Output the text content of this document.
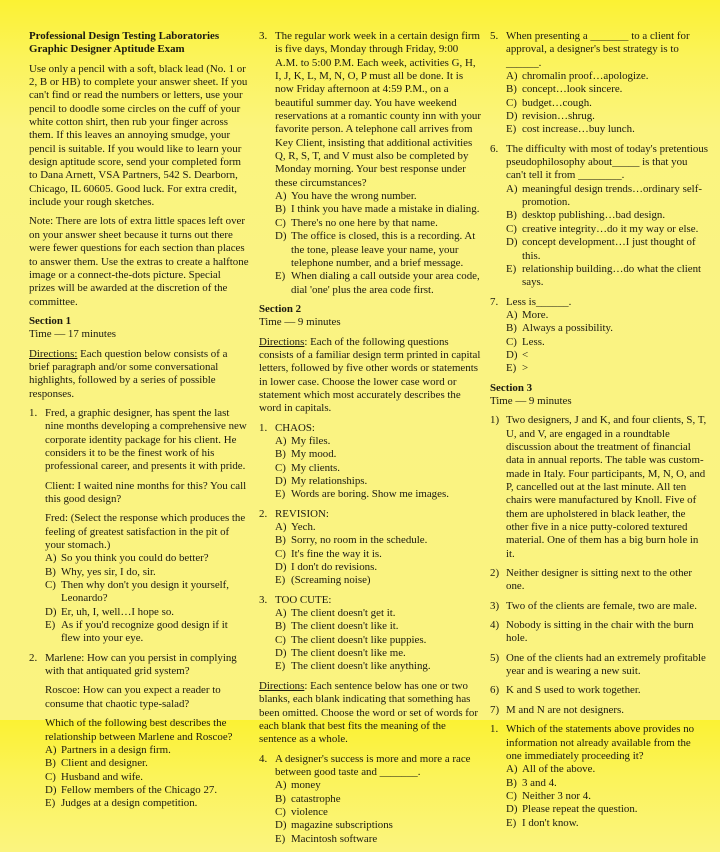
Professional Design Testing Laboratories
Graphic Designer Aptitude Exam

Use only a pencil with a soft, black lead (No. 1 or 2, B or HB) to complete your answer sheet. If you can't find or read the numbers or letters, use your pencil to doodle some circles on the cuff of your white cotton shirt, then rub your finger across them. If this leaves an annoying smudge, your pencil is suitable. If you would like to learn your design aptitude score, send your completed form to Dana Arnett, VSA Partners, 542 S. Dearborn, Chicago, IL 60605. Good luck. For extra credit, include your rough sketches.

Note: There are lots of extra little spaces left over on your answer sheet because it turns out there were fewer questions for each section than places to answer them. Use the extras to create a halftone image or a connect-the-dots picture. Special prizes will be awarded at the discretion of the committee.

Section 1
Time — 17 minutes

Directions: Each question below consists of a brief paragraph and/or some conversational highlights, followed by a series of possible responses.

1. Fred, a graphic designer, has spent the last nine months developing a comprehensive new corporate identity package for his client. He considers it to be the finest work of his professional career, and presents it with pride.

Client: I waited nine months for this? You call this good design?

Fred: (Select the response which produces the feeling of greatest satisfaction in the pit of your stomach.)
A) So you think you could do better?
B) Why, yes sir, I do, sir.
C) Then why don't you design it yourself, Leonardo?
D) Er, uh, I, well…I hope so.
E) As if you'd recognize good design if it flew into your eye.
2. Marlene: How can you persist in complying with that antiquated grid system?

Roscoe: How can you expect a reader to consume that chaotic type-salad?

Which of the following best describes the relationship between Marlene and Roscoe?
A) Partners in a design firm.
B) Client and designer.
C) Husband and wife.
D) Fellow members of the Chicago 27.
E) Judges at a design competition.
3. The regular work week in a certain design firm is five days, Monday through Friday, 9:00 A.M. to 5:00 P.M. Each week, activities G, H, I, J, K, L, M, N, O, P must all be done. It is now Friday afternoon at 4:59 P.M., on a beautiful summer day. You have weekend reservations at a romantic county inn with your favorite person. A telephone call arrives from Key Client, insisting that additional activities Q, R, S, T, and V must also be completed by Monday morning. Your best response under these circumstances?
A) You have the wrong number.
B) I think you have made a mistake in dialing.
C) There's no one here by that name.
D) The office is closed, this is a recording. At the tone, please leave your name, your telephone number, and a brief message.
E) When dialing a call outside your area code, dial 'one' plus the area code first.
Section 2
Time — 9 minutes

Directions: Each of the following questions consists of a familiar design term printed in capital letters, followed by five other words or statements in lower case. Choose the lower case word or statement which most accurately describes the word in capitals.

1. CHAOS:
A) My files.
B) My mood.
C) My clients.
D) My relationships.
E) Words are boring. Show me images.
2. REVISION:
A) Yech.
B) Sorry, no room in the schedule.
C) It's fine the way it is.
D) I don't do revisions.
E) (Screaming noise)
3. TOO CUTE:
A) The client doesn't get it.
B) The client doesn't like it.
C) The client doesn't like puppies.
D) The client doesn't like me.
E) The client doesn't like anything.

Directions: Each sentence below has one or two blanks, each blank indicating that something has been omitted. Choose the word or set of words for each blank that best fits the meaning of the sentence as a whole.

4. A designer's success is more and more a race between good taste and _______.
A) money
B) catastrophe
C) violence
D) magazine subscriptions
E) Macintosh software
5. When presenting a _______ to a client for approval, a designer's best strategy is to ______.
A) chromalin proof…apologize.
B) concept…look sincere.
C) budget…cough.
D) revision…shrug.
E) cost increase…buy lunch.
6. The difficulty with most of today's pretentious pseudophilosophy about_____ is that you can't tell it from ________.
A) meaningful design trends…ordinary self-promotion.
B) desktop publishing…bad design.
C) creative integrity…do it my way or else.
D) concept development…I just thought of this.
E) relationship building…do what the client says.
7. Less is______.
A) More.
B) Always a possibility.
C) Less.
D) <
E) >
Section 3
Time — 9 minutes
1) Two designers, J and K, and four clients, S, T, U, and V, are engaged in a roundtable discussion about the treatment of financial data in annual reports. The table was custom-made in Italy. Four participants, M, N, O, and P, cancelled out at the last minute. All ten chairs were manufactured by Knoll. Five of them are upholstered in black leather, the other five in a nice putty-colored textured material. One of them has a big burn hole in it.
2) Neither designer is sitting next to the other one.
3) Two of the clients are female, two are male.
4) Nobody is sitting in the chair with the burn hole.
5) One of the clients had an extremely profitable year and is wearing a new suit.
6) K and S used to work together.
7) M and N are not designers.
1. Which of the statements above provides no information not already available from the one immediately proceeding it?
A) All of the above.
B) 3 and 4.
C) Neither 3 nor 4.
D) Please repeat the question.
E) I don't know.
